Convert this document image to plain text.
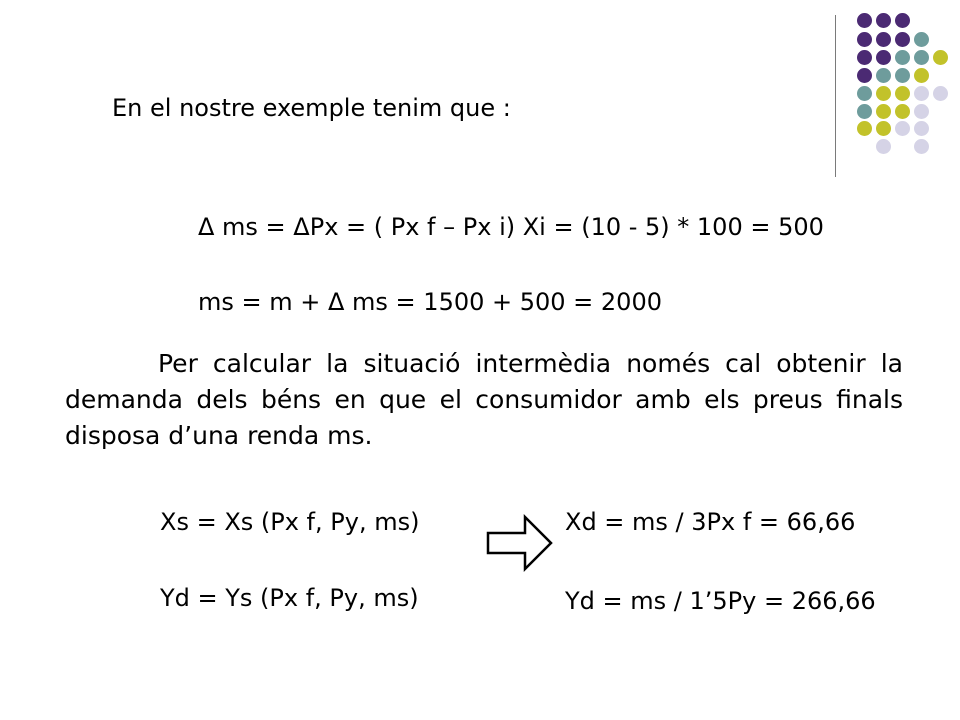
En el nostre exemple tenim que :
Δ ms = ΔPx = ( Px f – Px i) Xi = (10 - 5) * 100 = 500
ms = m + Δ ms = 1500 + 500 = 2000
Per calcular la situació intermèdia només cal obtenir la demanda dels béns en que el consumidor amb els preus finals disposa d’una renda ms.
Xs = Xs (Px f, Py, ms)
Yd = Ys (Px f, Py, ms)
Xd = ms / 3Px f = 66,66
Yd = ms / 1’5Py = 266,66
